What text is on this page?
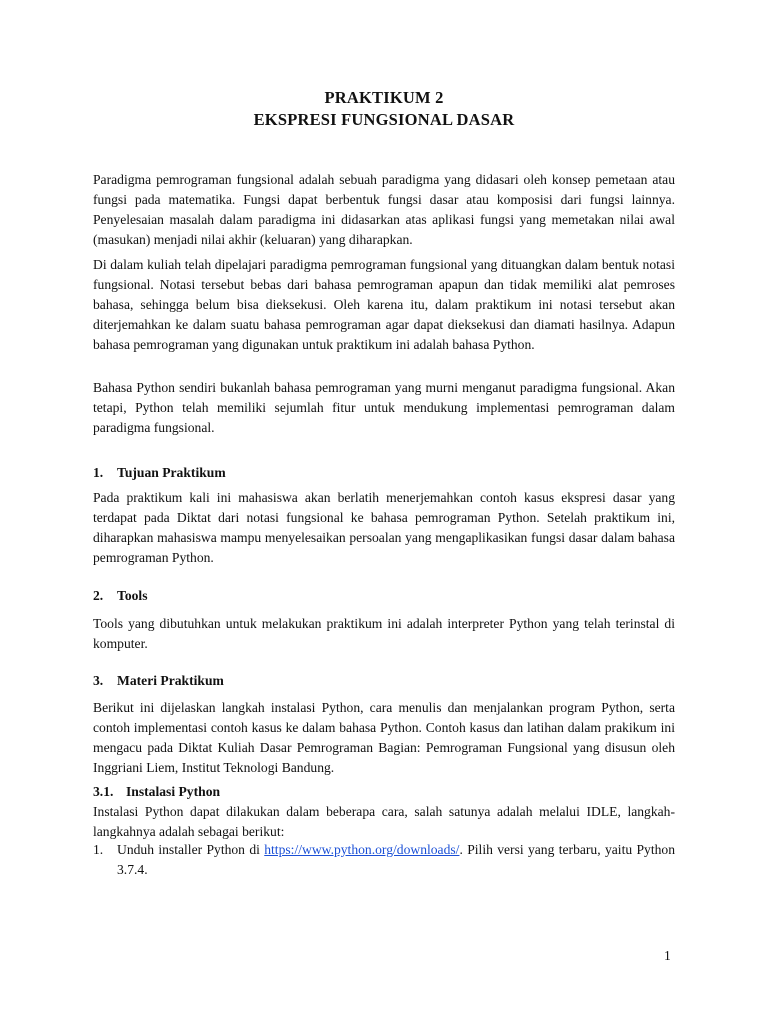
PRAKTIKUM 2
EKSPRESI FUNGSIONAL DASAR

Paradigma pemrograman fungsional adalah sebuah paradigma yang didasari oleh konsep pemetaan atau fungsi pada matematika. Fungsi dapat berbentuk fungsi dasar atau komposisi dari fungsi lainnya. Penyelesaian masalah dalam paradigma ini didasarkan atas aplikasi fungsi yang memetakan nilai awal (masukan) menjadi nilai akhir (keluaran) yang diharapkan.

Di dalam kuliah telah dipelajari paradigma pemrograman fungsional yang dituangkan dalam bentuk notasi fungsional. Notasi tersebut bebas dari bahasa pemrograman apapun dan tidak memiliki alat pemroses bahasa, sehingga belum bisa dieksekusi. Oleh karena itu, dalam praktikum ini notasi tersebut akan diterjemahkan ke dalam suatu bahasa pemrograman agar dapat dieksekusi dan diamati hasilnya. Adapun bahasa pemrograman yang digunakan untuk praktikum ini adalah bahasa Python.

Bahasa Python sendiri bukanlah bahasa pemrograman yang murni menganut paradigma fungsional. Akan tetapi, Python telah memiliki sejumlah fitur untuk mendukung implementasi pemrograman dalam paradigma fungsional.

1. Tujuan Praktikum

Pada praktikum kali ini mahasiswa akan berlatih menerjemahkan contoh kasus ekspresi dasar yang terdapat pada Diktat dari notasi fungsional ke bahasa pemrograman Python. Setelah praktikum ini, diharapkan mahasiswa mampu menyelesaikan persoalan yang mengaplikasikan fungsi dasar dalam bahasa pemrograman Python.

2. Tools

Tools yang dibutuhkan untuk melakukan praktikum ini adalah interpreter Python yang telah terinstal di komputer.

3. Materi Praktikum

Berikut ini dijelaskan langkah instalasi Python, cara menulis dan menjalankan program Python, serta contoh implementasi contoh kasus ke dalam bahasa Python. Contoh kasus dan latihan dalam prakikum ini mengacu pada Diktat Kuliah Dasar Pemrograman Bagian: Pemrograman Fungsional yang disusun oleh Inggriani Liem, Institut Teknologi Bandung.

3.1. Instalasi Python

Instalasi Python dapat dilakukan dalam beberapa cara, salah satunya adalah melalui IDLE, langkah-langkahnya adalah sebagai berikut:

1. Unduh installer Python di https://www.python.org/downloads/. Pilih versi yang terbaru, yaitu Python 3.7.4.
1
